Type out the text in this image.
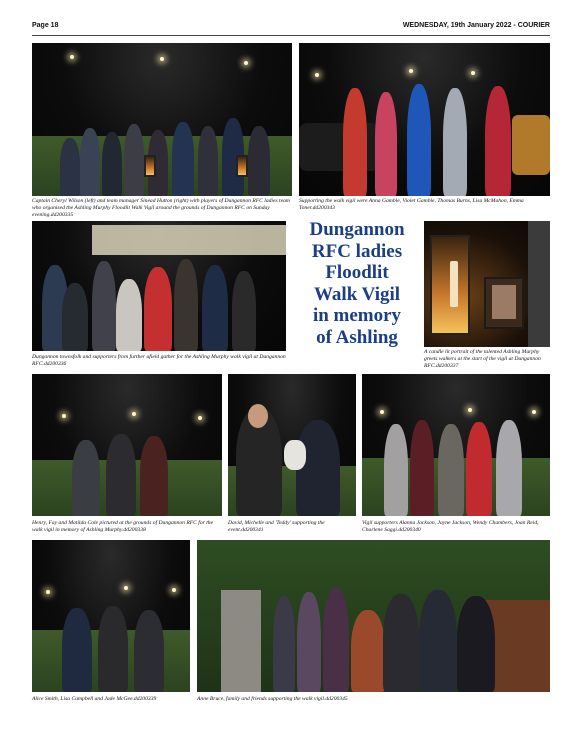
Page 18	WEDNESDAY, 19th January 2022 - COURIER
Captain Cheryl Wilson (left) and team manager Sinead Hutton (right) with players of Dungannon RFC ladies team who organised the Ashling Murphy Floodlit Walk Vigil around the grounds of Dungannon RFC on Sunday evening.dd200335
Supporting the walk vigil were Anna Gamble, Violet Gamble, Thomas Burns, Lisa McMahon, Emma Toner.dd200343
Dungannon townsfolk and supporters from further afield gather for the Ashling Murphy walk vigil at Dungannon RFC.dd200336
Dungannon
RFC ladies
Floodlit
Walk Vigil
in memory
of Ashling
A candle lit portrait of the talented Ashling Murphy greets walkers at the start of the vigil at Dungannon RFC.dd200337
Henry, Fay and Matilda Cole pictured at the grounds of Dungannon RFC for the walk vigil in memory of Ashling Murphy.dd200338
David, Michelle and 'Teddy' supporting the event.dd200341
Vigil supporters Alanna Jackson, Jayne Jackson, Wendy Chambers, Joan Reid, Charlene Saggi.dd200340
Alice Smith, Lisa Campbell and Jade McGee.dd200339	Anne Bruce, family and friends supporting the walk vigil.dd200345
